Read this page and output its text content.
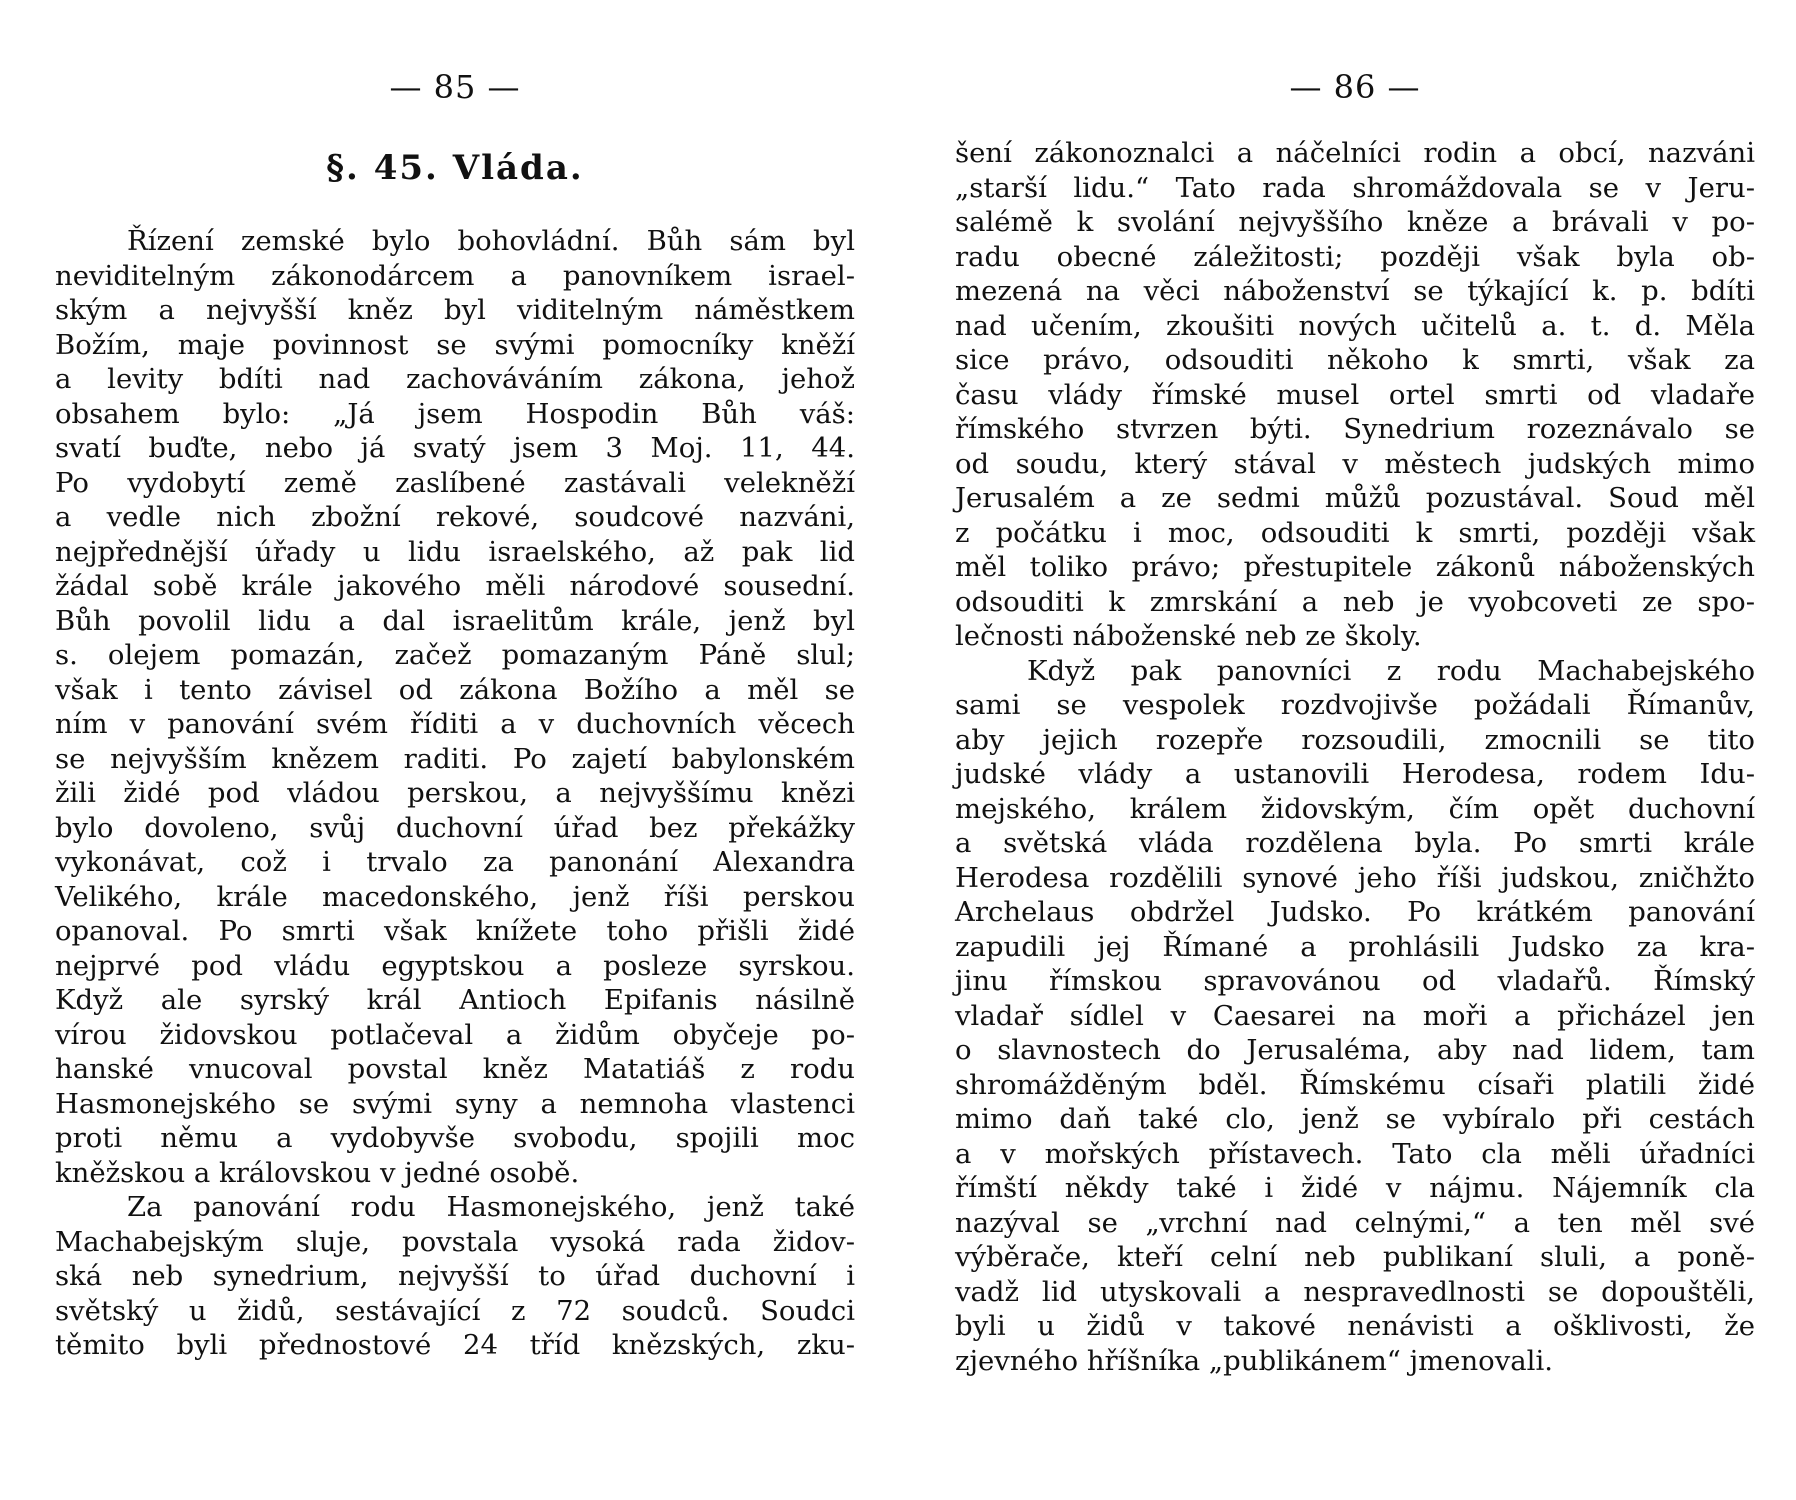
— 85 —
§. 45. Vláda.
Řízení zemské bylo bohovládní. Bůh sám byl
neviditelným zákonodárcem a panovníkem israel-
ským a nejvyšší kněz byl viditelným náměstkem
Božím, maje povinnost se svými pomocníky kněží
a levity bdíti nad zachováváním zákona, jehož
obsahem bylo: „Já jsem Hospodin Bůh váš:
svatí buďte, nebo já svatý jsem 3 Moj. 11, 44.
Po vydobytí země zaslíbené zastávali velekněží
a vedle nich zbožní rekové, soudcové nazváni,
nejpřednější úřady u lidu israelského, až pak lid
žádal sobě krále jakového měli národové sousední.
Bůh povolil lidu a dal israelitům krále, jenž byl
s. olejem pomazán, začež pomazaným Páně slul;
však i tento závisel od zákona Božího a měl se
ním v panování svém říditi a v duchovních věcech
se nejvyšším knězem raditi. Po zajetí babylonském
žili židé pod vládou perskou, a nejvyššímu knězi
bylo dovoleno, svůj duchovní úřad bez překážky
vykonávat, což i trvalo za panonání Alexandra
Velikého, krále macedonského, jenž říši perskou
opanoval. Po smrti však knížete toho přišli židé
nejprvé pod vládu egyptskou a posleze syrskou.
Když ale syrský král Antioch Epifanis násilně
vírou židovskou potlačeval a židům obyčeje po-
hanské vnucoval povstal kněz Matatiáš z rodu
Hasmonejského se svými syny a nemnoha vlastenci
proti němu a vydobyvše svobodu, spojili moc
kněžskou a královskou v jedné osobě.
Za panování rodu Hasmonejského, jenž také
Machabejským sluje, povstala vysoká rada židov-
ská neb synedrium, nejvyšší to úřad duchovní i
světský u židů, sestávající z 72 soudců. Soudci
těmito byli přednostové 24 tříd knězských, zku-
— 86 —
šení zákonoznalci a náčelníci rodin a obcí, nazváni
„starší lidu.“ Tato rada shromáždovala se v Jeru-
salémě k svolání nejvyššího kněze a brávali v po-
radu obecné záležitosti; později však byla ob-
mezená na věci náboženství se týkající k. p. bdíti
nad učením, zkoušiti nových učitelů a. t. d. Měla
sice právo, odsouditi někoho k smrti, však za
času vlády římské musel ortel smrti od vladaře
římského stvrzen býti. Synedrium rozeznávalo se
od soudu, který stával v městech judských mimo
Jerusalém a ze sedmi můžů pozustával. Soud měl
z počátku i moc, odsouditi k smrti, později však
měl toliko právo; přestupitele zákonů náboženských
odsouditi k zmrskání a neb je vyobcoveti ze spo-
lečnosti náboženské neb ze školy.
Když pak panovníci z rodu Machabejského
sami se vespolek rozdvojivše požádali Římanův,
aby jejich rozepře rozsoudili, zmocnili se tito
judské vlády a ustanovili Herodesa, rodem Idu-
mejského, králem židovským, čím opět duchovní
a světská vláda rozdělena byla. Po smrti krále
Herodesa rozdělili synové jeho říši judskou, zničhžto
Archelaus obdržel Judsko. Po krátkém panování
zapudili jej Římané a prohlásili Judsko za kra-
jinu římskou spravovánou od vladařů. Římský
vladař sídlel v Caesarei na moři a přicházel jen
o slavnostech do Jerusaléma, aby nad lidem, tam
shromážděným bděl. Římskému císaři platili židé
mimo daň také clo, jenž se vybíralo při cestách
a v mořských přístavech. Tato cla měli úřadníci
římští někdy také i židé v nájmu. Nájemník cla
nazýval se „vrchní nad celnými,“ a ten měl své
výběrače, kteří celní neb publikaní sluli, a poně-
vadž lid utyskovali a nespravedlnosti se dopouštěli,
byli u židů v takové nenávisti a ošklivosti, že
zjevného hříšníka „publikánem“ jmenovali.
